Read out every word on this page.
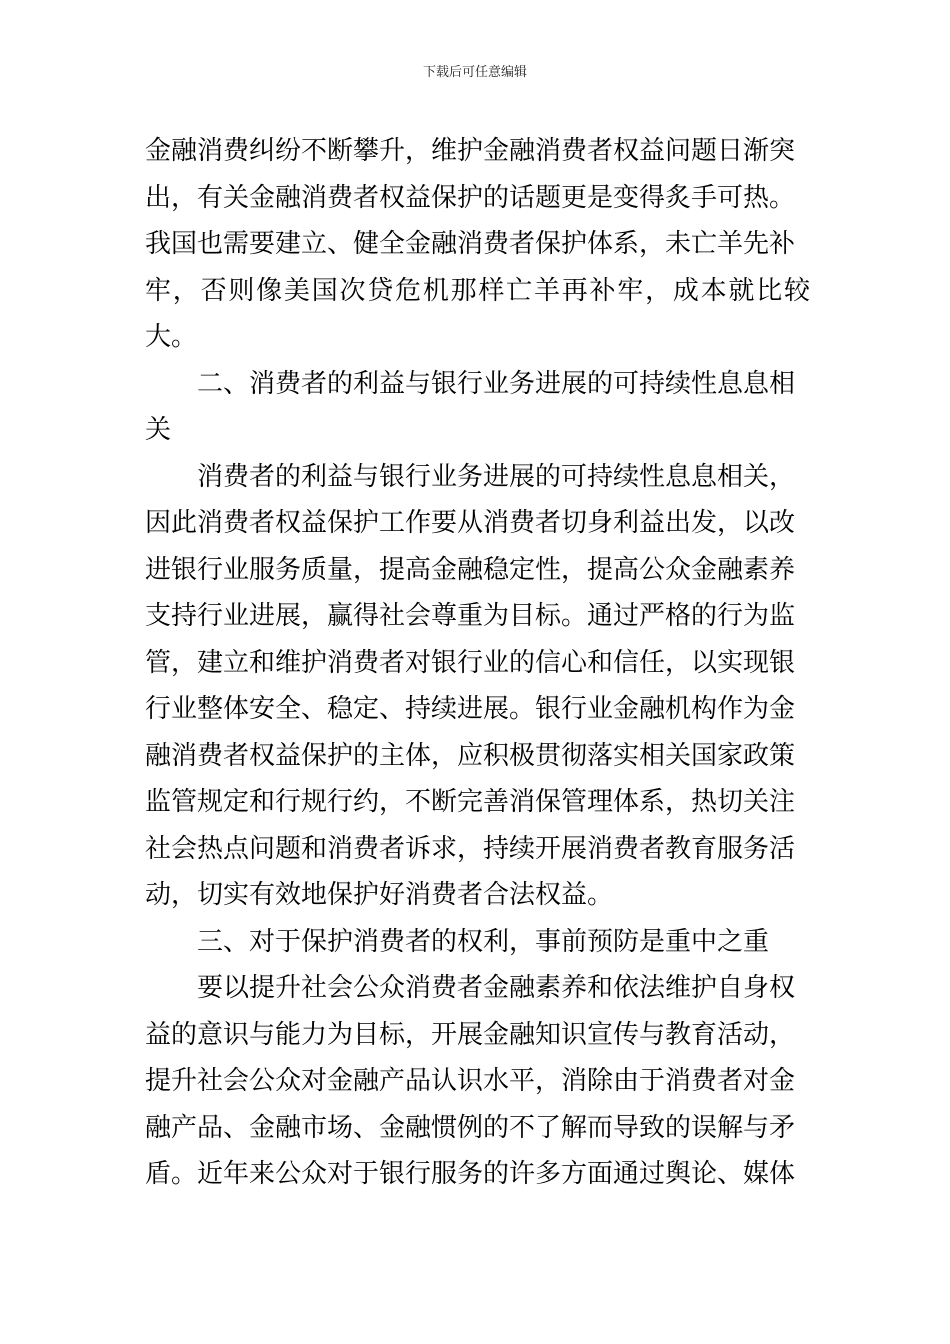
下载后可任意编辑
金融消费纠纷不断攀升，维护金融消费者权益问题日渐突
出，有关金融消费者权益保护的话题更是变得炙手可热。
我国也需要建立、健全金融消费者保护体系，未亡羊先补
牢，否则像美国次贷危机那样亡羊再补牢，成本就比较大。
二、消费者的利益与银行业务进展的可持续性息息相
关
消费者的利益与银行业务进展的可持续性息息相关，
因此消费者权益保护工作要从消费者切身利益出发，以改
进银行业服务质量，提高金融稳定性，提高公众金融素养
支持行业进展，赢得社会尊重为目标。通过严格的行为监
管，建立和维护消费者对银行业的信心和信任，以实现银
行业整体安全、稳定、持续进展。银行业金融机构作为金
融消费者权益保护的主体，应积极贯彻落实相关国家政策
监管规定和行规行约，不断完善消保管理体系，热切关注
社会热点问题和消费者诉求，持续开展消费者教育服务活
动，切实有效地保护好消费者合法权益。
三、对于保护消费者的权利，事前预防是重中之重
要以提升社会公众消费者金融素养和依法维护自身权
益的意识与能力为目标，开展金融知识宣传与教育活动，
提升社会公众对金融产品认识水平，消除由于消费者对金
融产品、金融市场、金融惯例的不了解而导致的误解与矛
盾。近年来公众对于银行服务的许多方面通过舆论、媒体
